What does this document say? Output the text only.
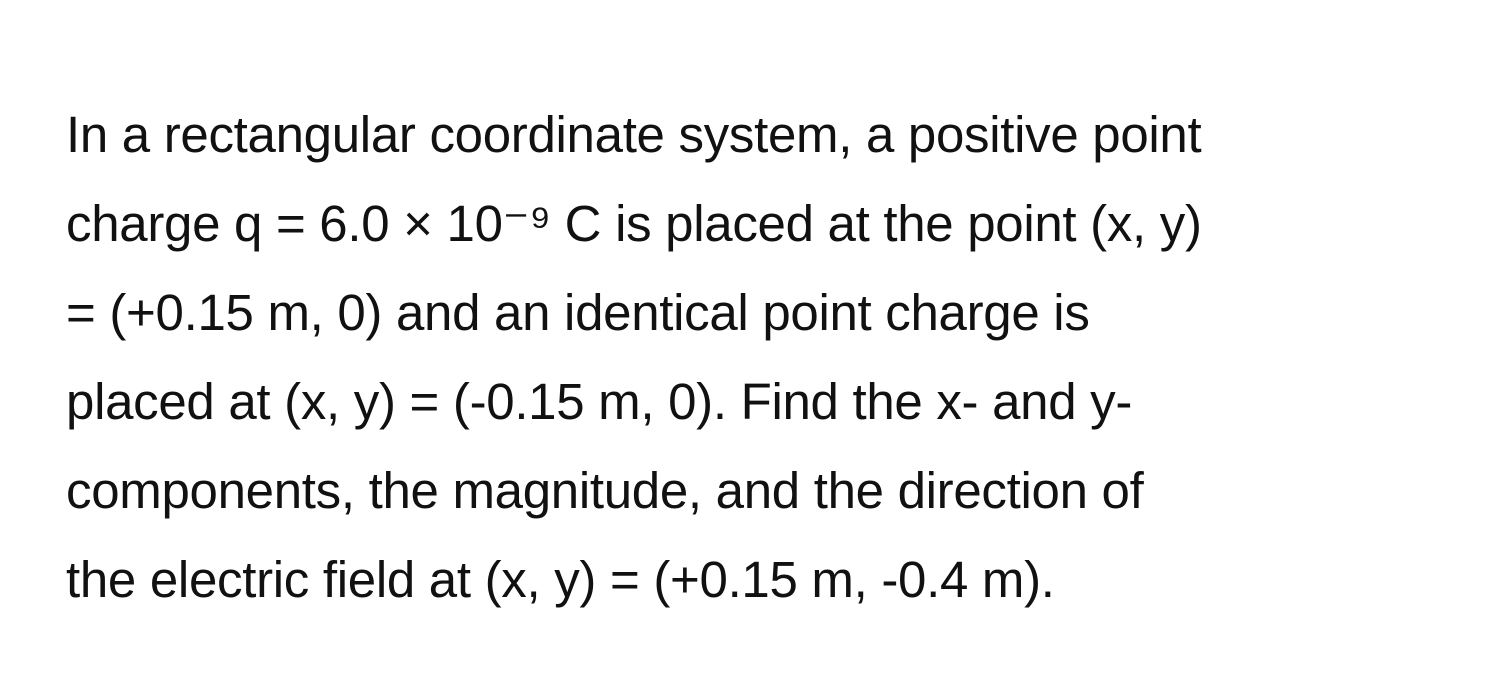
In a rectangular coordinate system, a positive point
charge q = 6.0 × 10⁻⁹ C is placed at the point (x, y)
= (+0.15 m, 0) and an identical point charge is
placed at (x, y) = (-0.15 m, 0). Find the x- and y-
components, the magnitude, and the direction of
the electric field at (x, y) = (+0.15 m, -0.4 m).
